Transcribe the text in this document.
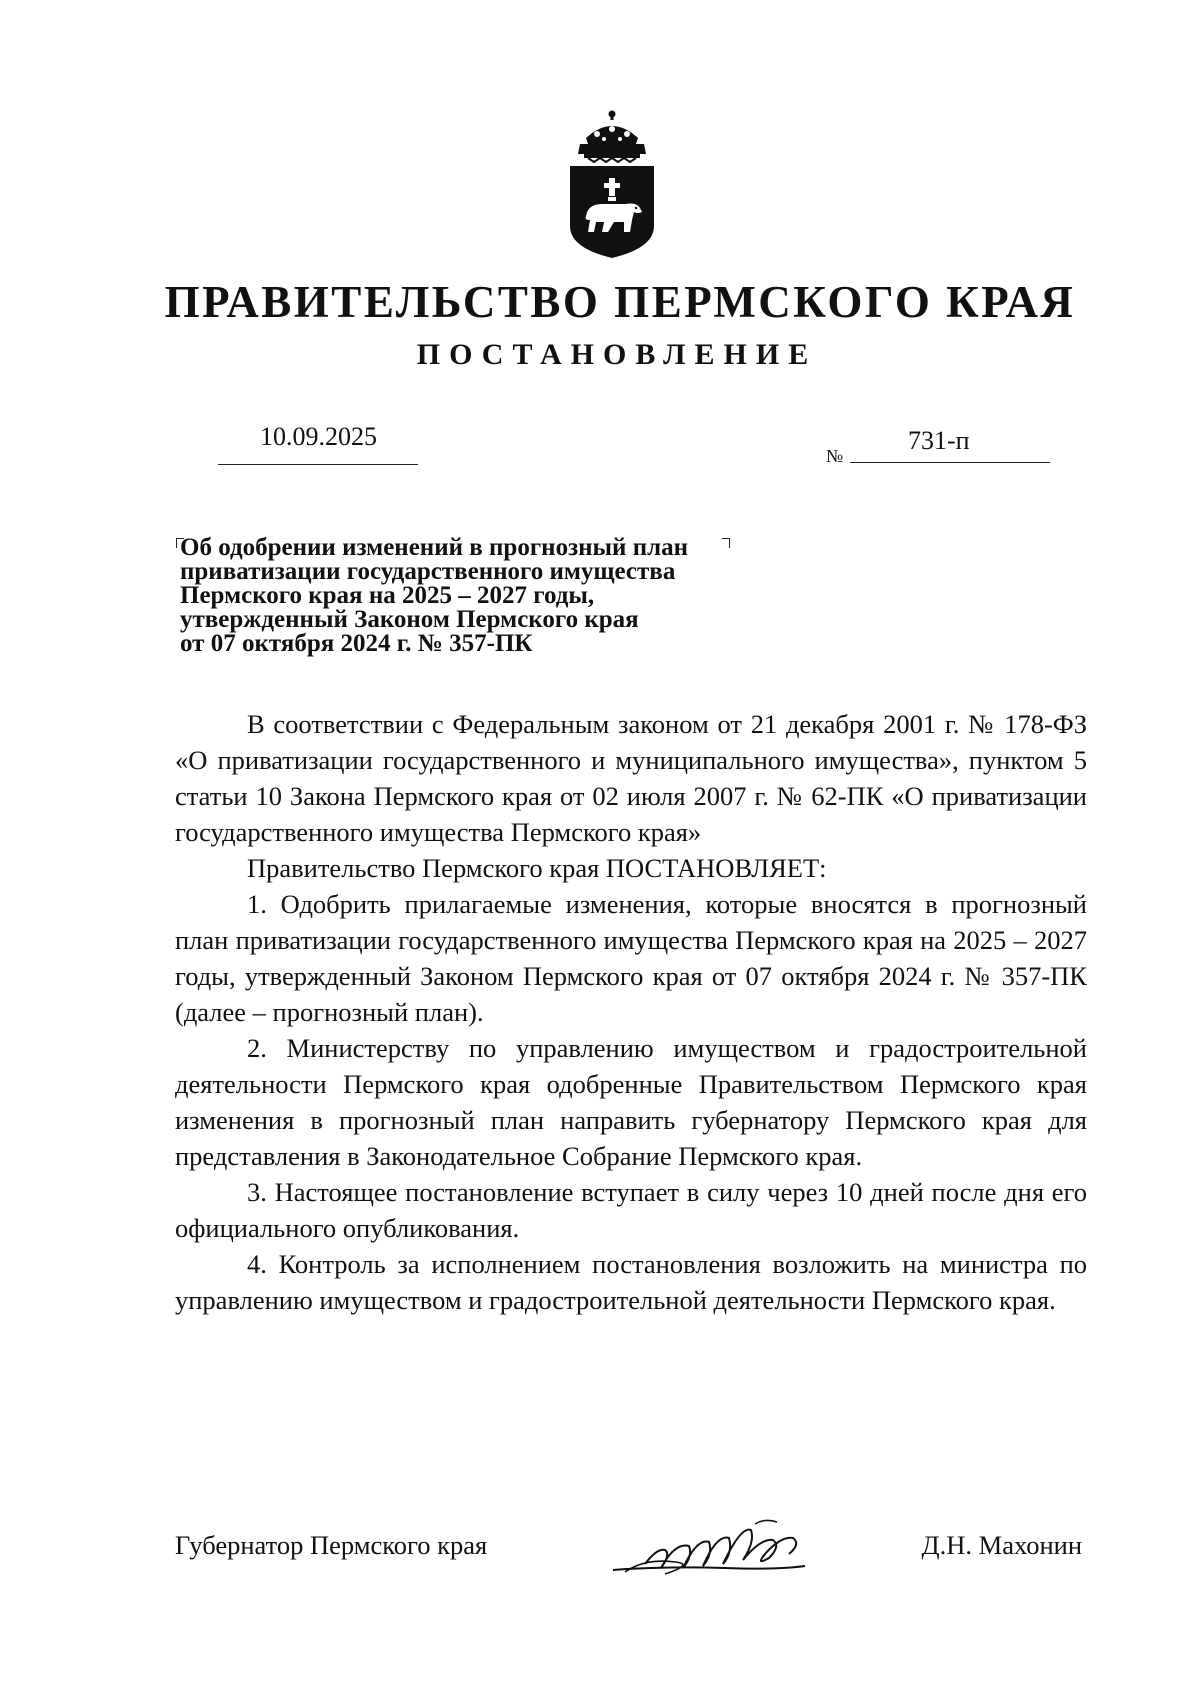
ПРАВИТЕЛЬСТВО ПЕРМСКОГО КРАЯ
ПОСТАНОВЛЕНИЕ
10.09.2025
№
731-п
Об одобрении изменений в прогнозный план
приватизации государственного имущества
Пермского края на 2025 – 2027 годы,
утвержденный Законом Пермского края
от 07 октября 2024 г. № 357-ПК

В соответствии с Федеральным законом от 21 декабря 2001 г. № 178-ФЗ «О приватизации государственного и муниципального имущества», пунктом 5 статьи 10 Закона Пермского края от 02 июля 2007 г. № 62-ПК «О приватизации государственного имущества Пермского края»

Правительство Пермского края ПОСТАНОВЛЯЕТ:

1. Одобрить прилагаемые изменения, которые вносятся в прогнозный план приватизации государственного имущества Пермского края на 2025 – 2027 годы, утвержденный Законом Пермского края от 07 октября 2024 г. № 357-ПК (далее – прогнозный план).

2. Министерству по управлению имуществом и градостроительной деятельности Пермского края одобренные Правительством Пермского края изменения в прогнозный план направить губернатору Пермского края для представления в Законодательное Собрание Пермского края.

3. Настоящее постановление вступает в силу через 10 дней после дня его официального опубликования.

4. Контроль за исполнением постановления возложить на министра по управлению имуществом и градостроительной деятельности Пермского края.

Губернатор Пермского края	Д.Н. Махонин
